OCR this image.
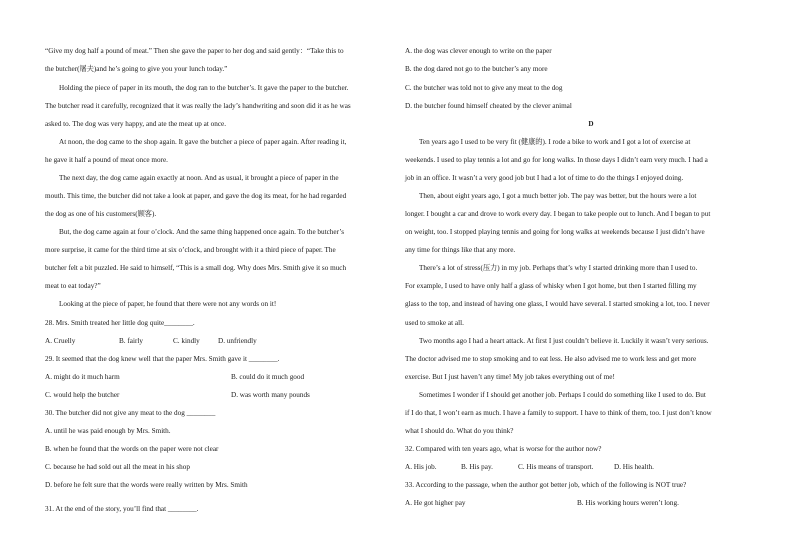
“Give my dog half a pound of meat.” Then she gave the paper to her dog and said gently：“Take this to
the butcher(屠夫)and he’s going to give you your lunch today.”
Holding the piece of paper in its mouth, the dog ran to the butcher’s. It gave the paper to the butcher.
The butcher read it carefully, recognized that it was really the lady’s handwriting and soon did it as he was
asked to. The dog was very happy, and ate the meat up at once.
At noon, the dog came to the shop again. It gave the butcher a piece of paper again. After reading it,
he gave it half a pound of meat once more.
The next day, the dog came again exactly at noon. And as usual, it brought a piece of paper in the
mouth. This time, the butcher did not take a look at paper, and gave the dog its meat, for he had regarded
the dog as one of his customers(顾客).
But, the dog came again at four o’clock. And the same thing happened once again. To the butcher’s
more surprise, it came for the third time at six o’clock, and brought with it a third piece of paper. The
butcher felt a bit puzzled. He said to himself, “This is a small dog. Why does Mrs. Smith give it so much
meat to eat today?”
Looking at the piece of paper, he found that there were not any words on it!
28. Mrs. Smith treated her little dog quite________.
A. Cruelly	B. fairly	C. kindly	D. unfriendly
29. It seemed that the dog knew well that the paper Mrs. Smith gave it ________.
A. might do it much harm	B. could do it much good
C. would help the butcher	D. was worth many pounds
30. The butcher did not give any meat to the dog ________
A. until he was paid enough by Mrs. Smith.
B. when he found that the words on the paper were not clear
C. because he had sold out all the meat in his shop
D. before he felt sure that the words were really written by Mrs. Smith
31. At the end of the story, you’ll find that ________.
A. the dog was clever enough to write on the paper
B. the dog dared not go to the butcher’s any more
C. the butcher was told not to give any meat to the dog
D. the butcher found himself cheated by the clever animal
D
Ten years ago I used to be very fit (健康的). I rode a bike to work and I got a lot of exercise at
weekends. I used to play tennis a lot and go for long walks. In those days I didn’t earn very much. I had a
job in an office. It wasn’t a very good job but I had a lot of time to do the things I enjoyed doing.
Then, about eight years ago, I got a much better job. The pay was better, but the hours were a lot
longer. I bought a car and drove to work every day. I began to take people out to lunch. And I began to put
on weight, too. I stopped playing tennis and going for long walks at weekends because I just didn’t have
any time for things like that any more.
There’s a lot of stress(压力) in my job. Perhaps that’s why I started drinking more than I used to.
For example, I used to have only half a glass of whisky when I got home, but then I started filling my
glass to the top, and instead of having one glass, I would have several. I started smoking a lot, too. I never
used to smoke at all.
Two months ago I had a heart attack. At first I just couldn’t believe it. Luckily it wasn’t very serious.
The doctor advised me to stop smoking and to eat less. He also advised me to work less and get more
exercise. But I just haven’t any time! My job takes everything out of me!
Sometimes I wonder if I should get another job. Perhaps I could do something like I used to do. But
if I do that, I won’t earn as much. I have a family to support. I have to think of them, too. I just don’t know
what I should do. What do you think?
32. Compared with ten years ago, what is worse for the author now?
A. His job.	B. His pay.	C. His means of transport.	D. His health.
33. According to the passage, when the author got better job, which of the following is NOT true?
A. He got higher pay	B. His working hours weren’t long.
